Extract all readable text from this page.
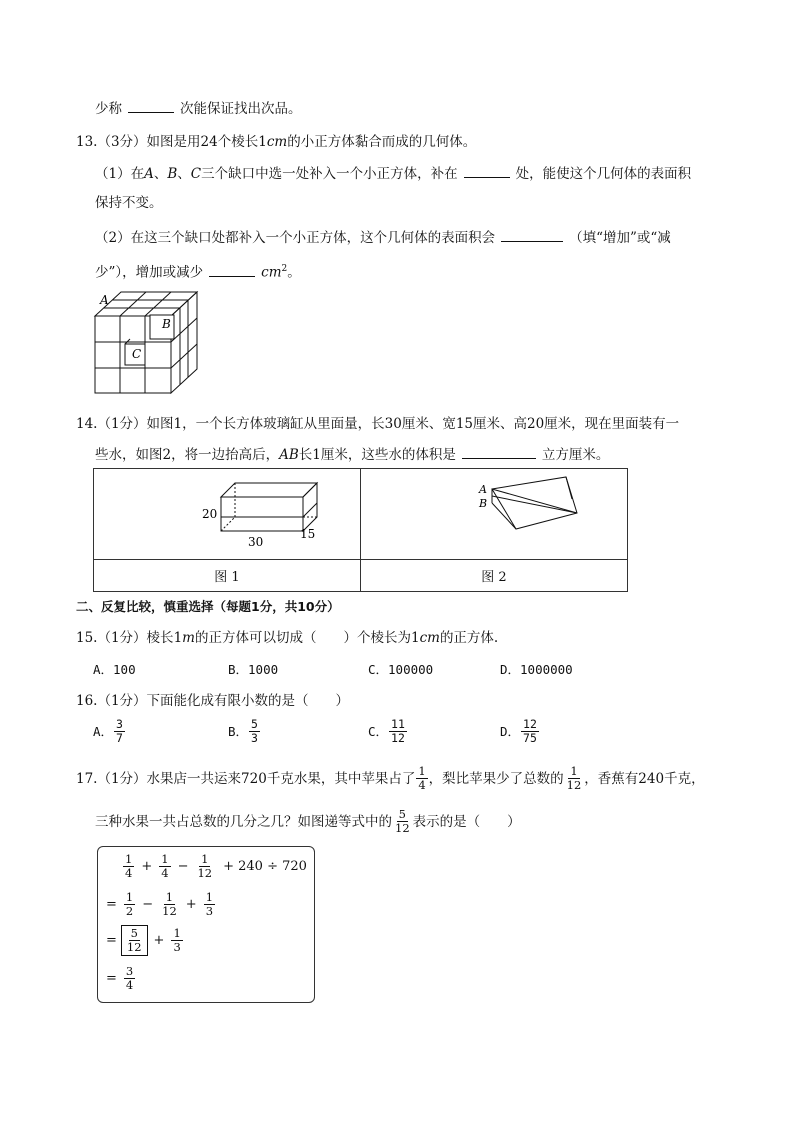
少称	次能保证找出次品。
13.（3分）如图是用24个棱长1cm的小正方体黏合而成的几何体。
（1）在A、B、C三个缺口中选一处补入一个小正方体，补在	处，能使这个几何体的表面积
保持不变。
（2）在这三个缺口处都补入一个小正方体，这个几何体的表面积会	（填“增加”或“减
少”），增加或减少	$cm^2$。
A
B
C
14.（1分）如图1，一个长方体玻璃缸从里面量，长30厘米、宽15厘米、高20厘米，现在里面装有一
些水，如图2，将一边抬高后，AB长1厘米，这些水的体积是	立方厘米。
20
30
15	A
B

图 1	图 2
二、反复比较，慎重选择（每题1分，共10分）
15.（1分）棱长1m的正方体可以切成（　　）个棱长为1cm的正方体.
A．100	B．1000	C．100000	D．1000000
16.（1分）下面能化成有限小数的是（　　）
A． $\frac{3}{7}$	B． $\frac{5}{3}$	C． $\frac{11}{12}$	D． $\frac{12}{75}$
17.（1分）水果店一共运来720千克水果，其中苹果占了 $\frac{1}{4}$ ，梨比苹果少了总数的 $\frac{1}{12}$ ，香蕉有240千克，
三种水果一共占总数的几分之几？如图递等式中的 $\frac{5}{12}$ 表示的是（　　）
$\frac{1}{4} + \frac{1}{4} - \frac{1}{12} + 240 \div 720$
= $\frac{1}{2} - \frac{1}{12} + \frac{1}{3}$
= $\frac{5}{12} + \frac{1}{3}$
= $\frac{3}{4}$
